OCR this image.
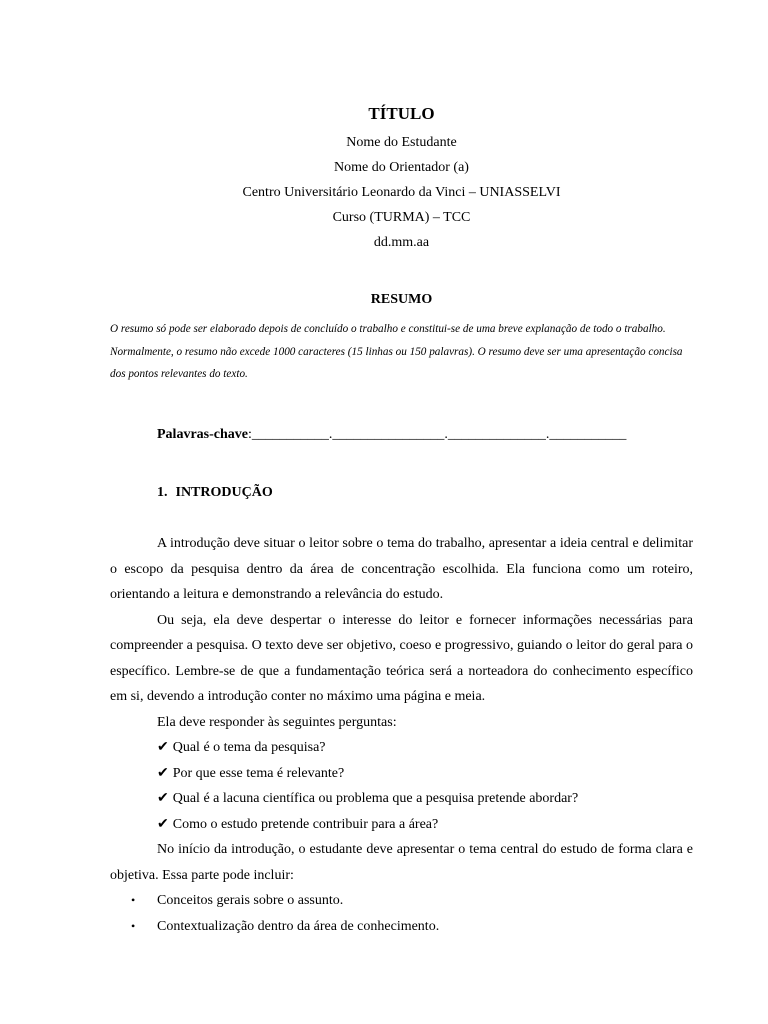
TÍTULO
Nome do Estudante
Nome do Orientador (a)
Centro Universitário Leonardo da Vinci – UNIASSELVI
Curso (TURMA) – TCC
dd.mm.aa
RESUMO

O resumo só pode ser elaborado depois de concluído o trabalho e constitui-se de uma breve explanação de todo o trabalho. Normalmente, o resumo não excede 1000 caracteres (15 linhas ou 150 palavras). O resumo deve ser uma apresentação concisa dos pontos relevantes do texto.

Palavras-chave:___________.________________.______________.___________
1. INTRODUÇÃO

A introdução deve situar o leitor sobre o tema do trabalho, apresentar a ideia central e delimitar o escopo da pesquisa dentro da área de concentração escolhida. Ela funciona como um roteiro, orientando a leitura e demonstrando a relevância do estudo.

Ou seja, ela deve despertar o interesse do leitor e fornecer informações necessárias para compreender a pesquisa. O texto deve ser objetivo, coeso e progressivo, guiando o leitor do geral para o específico. Lembre-se de que a fundamentação teórica será a norteadora do conhecimento específico em si, devendo a introdução conter no máximo uma página e meia.

Ela deve responder às seguintes perguntas:
✔ Qual é o tema da pesquisa?
✔ Por que esse tema é relevante?
✔ Qual é a lacuna científica ou problema que a pesquisa pretende abordar?
✔ Como o estudo pretende contribuir para a área?

No início da introdução, o estudante deve apresentar o tema central do estudo de forma clara e objetiva. Essa parte pode incluir:

• Conceitos gerais sobre o assunto.
• Contextualização dentro da área de conhecimento.
